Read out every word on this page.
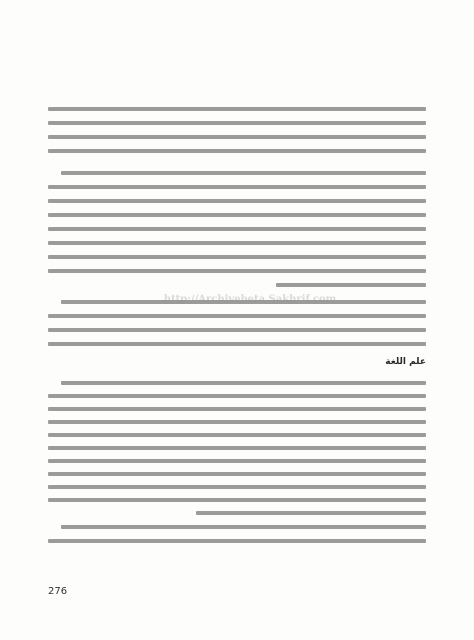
علم اللغة
http://Archivebeta.Sakhrif.com
276
